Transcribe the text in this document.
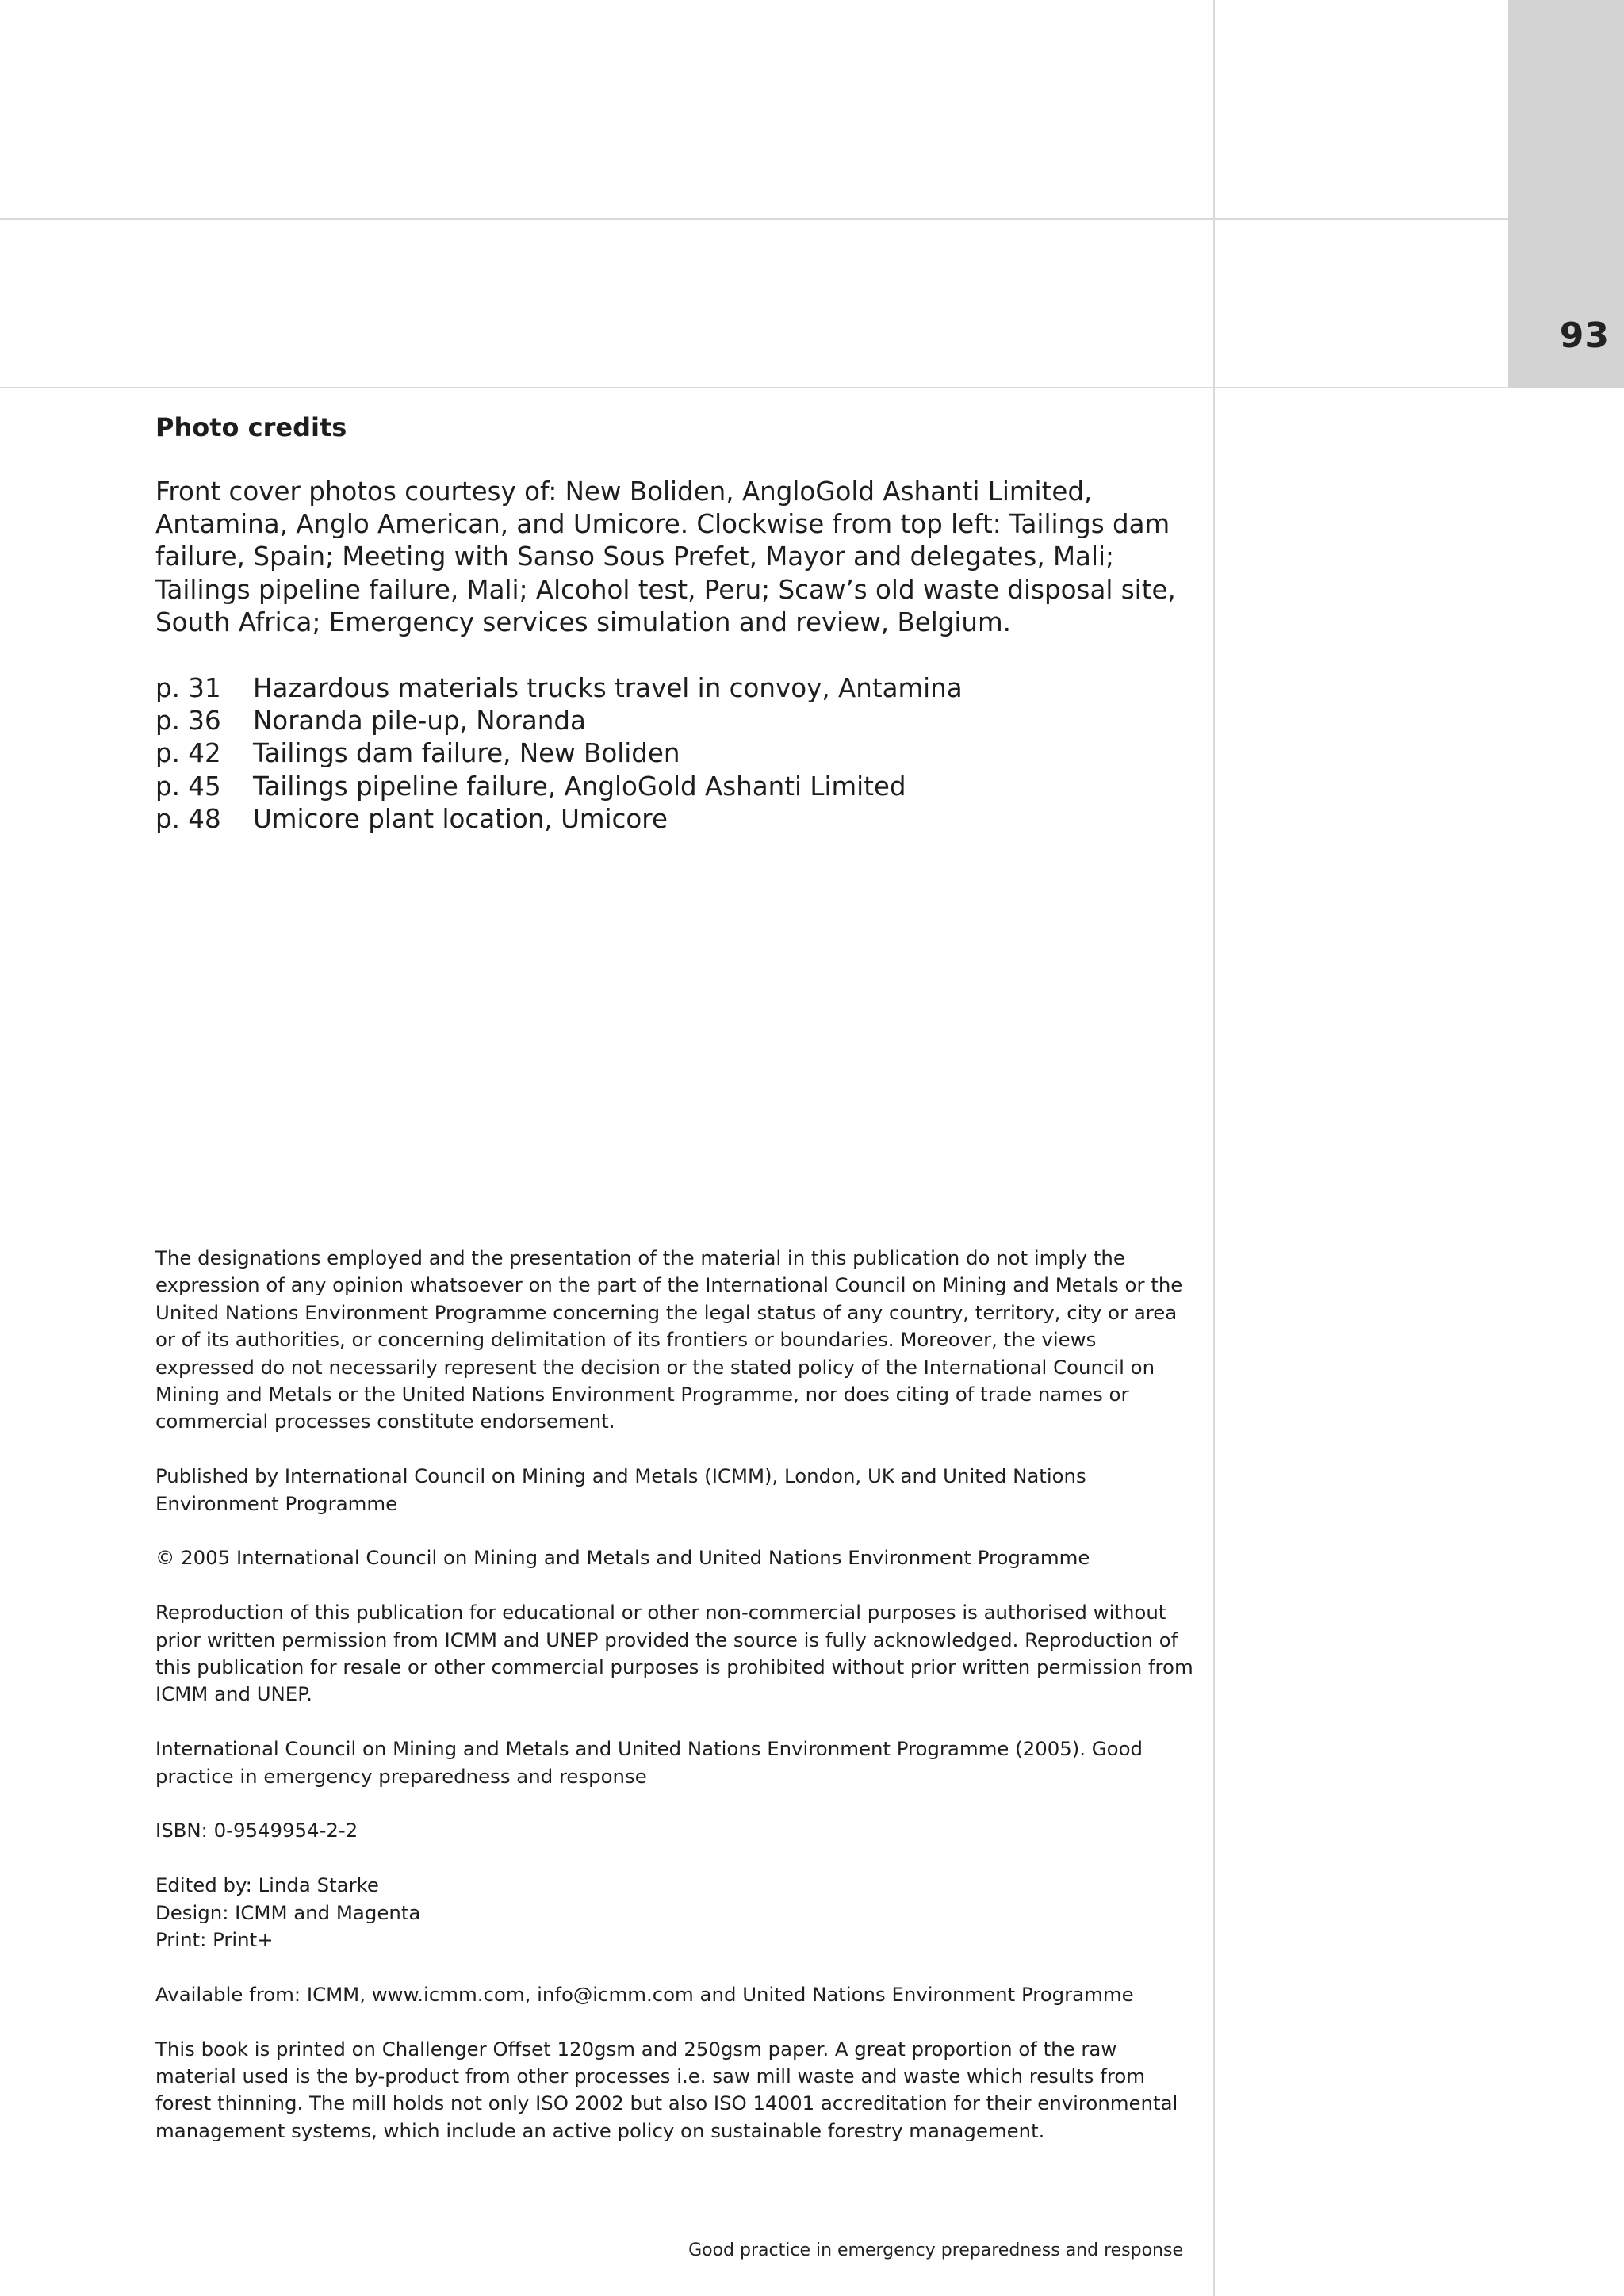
93
Photo credits

Front cover photos courtesy of: New Boliden, AngloGold Ashanti Limited, Antamina, Anglo American, and Umicore. Clockwise from top left: Tailings dam failure, Spain; Meeting with Sanso Sous Prefet, Mayor and delegates, Mali; Tailings pipeline failure, Mali; Alcohol test, Peru; Scaw’s old waste disposal site, South Africa; Emergency services simulation and review, Belgium.

p. 31	Hazardous materials trucks travel in convoy, Antamina
p. 36	Noranda pile-up, Noranda
p. 42	Tailings dam failure, New Boliden
p. 45	Tailings pipeline failure, AngloGold Ashanti Limited
p. 48	Umicore plant location, Umicore

The designations employed and the presentation of the material in this publication do not imply the expression of any opinion whatsoever on the part of the International Council on Mining and Metals or the United Nations Environment Programme concerning the legal status of any country, territory, city or area or of its authorities, or concerning delimitation of its frontiers or boundaries. Moreover, the views expressed do not necessarily represent the decision or the stated policy of the International Council on Mining and Metals or the United Nations Environment Programme, nor does citing of trade names or commercial processes constitute endorsement.

Published by International Council on Mining and Metals (ICMM), London, UK and United Nations Environment Programme

© 2005 International Council on Mining and Metals and United Nations Environment Programme

Reproduction of this publication for educational or other non-commercial purposes is authorised without prior written permission from ICMM and UNEP provided the source is fully acknowledged. Reproduction of this publication for resale or other commercial purposes is prohibited without prior written permission from ICMM and UNEP.

International Council on Mining and Metals and United Nations Environment Programme (2005). Good practice in emergency preparedness and response

ISBN: 0-9549954-2-2

Edited by: Linda Starke
Design: ICMM and Magenta
Print: Print+

Available from: ICMM, www.icmm.com, info@icmm.com and United Nations Environment Programme

This book is printed on Challenger Offset 120gsm and 250gsm paper. A great proportion of the raw material used is the by-product from other processes i.e. saw mill waste and waste which results from forest thinning. The mill holds not only ISO 2002 but also ISO 14001 accreditation for their environmental management systems, which include an active policy on sustainable forestry management.

Good practice in emergency preparedness and response
